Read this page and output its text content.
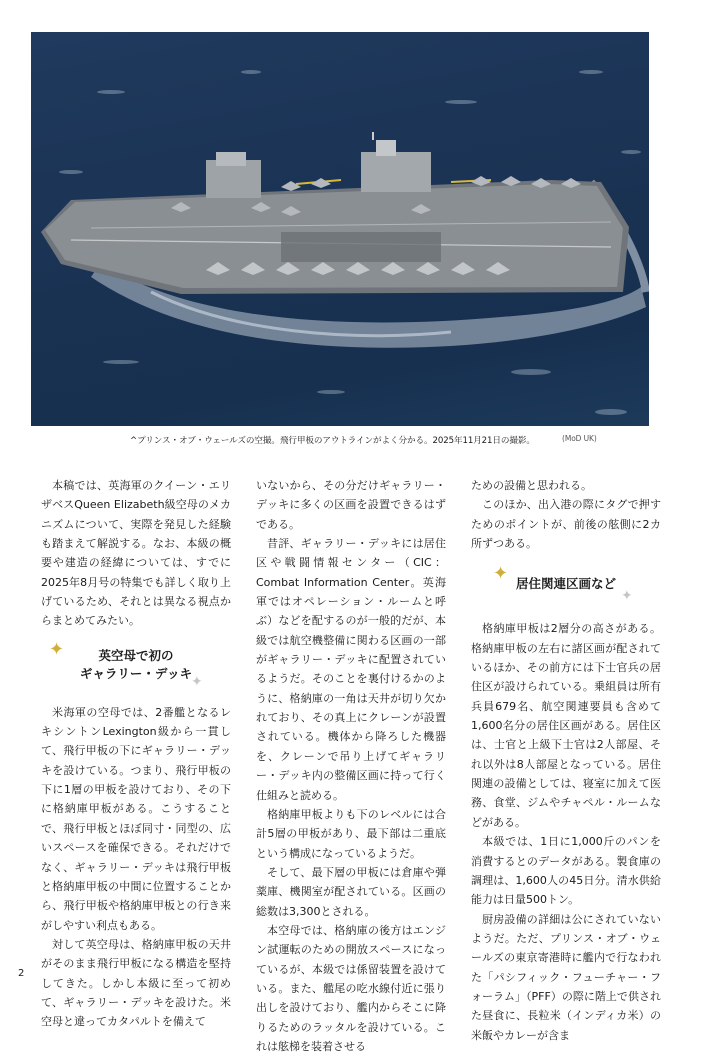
^プリンス・オブ・ウェールズの空撮。飛行甲板のアウトラインがよく分かる。2025年11月21日の撮影。	(MoD UK)

本稿では、英海軍のクイーン・エリザベスQueen Elizabeth級空母のメカニズムについて、実際を発見した経験も踏まえて解説する。なお、本級の概要や建造の経緯については、すでに2025年8月号の特集でも詳しく取り上げているため、それとは異なる視点からまとめてみたい。

✦
✦
英空母で初の
ギャラリー・デッキ

米海軍の空母では、2番艦となるレキシントンLexington級から一貫して、飛行甲板の下にギャラリー・デッキを設けている。つまり、飛行甲板の下に1層の甲板を設けており、その下に格納庫甲板がある。こうすることで、飛行甲板とほぼ同寸・同型の、広いスペースを確保できる。それだけでなく、ギャラリー・デッキは飛行甲板と格納庫甲板の中間に位置することから、飛行甲板や格納庫甲板との行き来がしやすい利点もある。

対して英空母は、格納庫甲板の天井がそのまま飛行甲板になる構造を堅持してきた。しかし本級に至って初めて、ギャラリー・デッキを設けた。米空母と違ってカタパルトを備えて

いないから、その分だけギャラリー・デッキに多くの区画を設置できるはずである。

昔評、ギャラリー・デッキには居住区や戦闘情報センター（CIC：Combat Information Center。英海軍ではオペレーション・ルームと呼ぶ）などを配するのが一般的だが、本級では航空機整備に関わる区画の一部がギャラリー・デッキに配置されているようだ。そのことを裏付けるかのように、格納庫の一角は天井が切り欠かれており、その真上にクレーンが設置されている。機体から降ろした機器を、クレーンで吊り上げてギャラリー・デッキ内の整備区画に持って行く仕組みと読める。

格納庫甲板よりも下のレベルには合計5層の甲板があり、最下部は二重底という構成になっているようだ。

そして、最下層の甲板には倉庫や弾薬庫、機関室が配されている。区画の総数は3,300とされる。

本空母では、格納庫の後方はエンジン試運転のための開放スペースになっているが、本級では係留装置を設けている。また、艦尾の吃水線付近に張り出しを設けており、艦内からそこに降りるためのラッタルを設けている。これは舷梯を装着させる

ための設備と思われる。

このほか、出入港の際にタグで押すためのポイントが、前後の舷側に2カ所ずつある。

✦
✦
居住関連区画など

格納庫甲板は2層分の高さがある。格納庫甲板の左右に諸区画が配されているほか、その前方には下士官兵の居住区が設けられている。乗組員は所有兵員679名、航空関連要員も含めて1,600名分の居住区画がある。居住区は、士官と上級下士官は2人部屋、それ以外は8人部屋となっている。居住関連の設備としては、寝室に加えて医務、食堂、ジムやチャペル・ルームなどがある。

本級では、1日に1,000斤のパンを消費するとのデータがある。製食庫の調理は、1,600人の45日分。清水供給能力は日量500トン。

厨房設備の詳細は公にされていないようだ。ただ、プリンス・オブ・ウェールズの東京寄港時に艦内で行なわれた「パシフィック・フューチャー・フォーラム」（PFF）の際に階上で供された昼食に、長粒米（インディカ米）の米飯やカレーが含ま

2
